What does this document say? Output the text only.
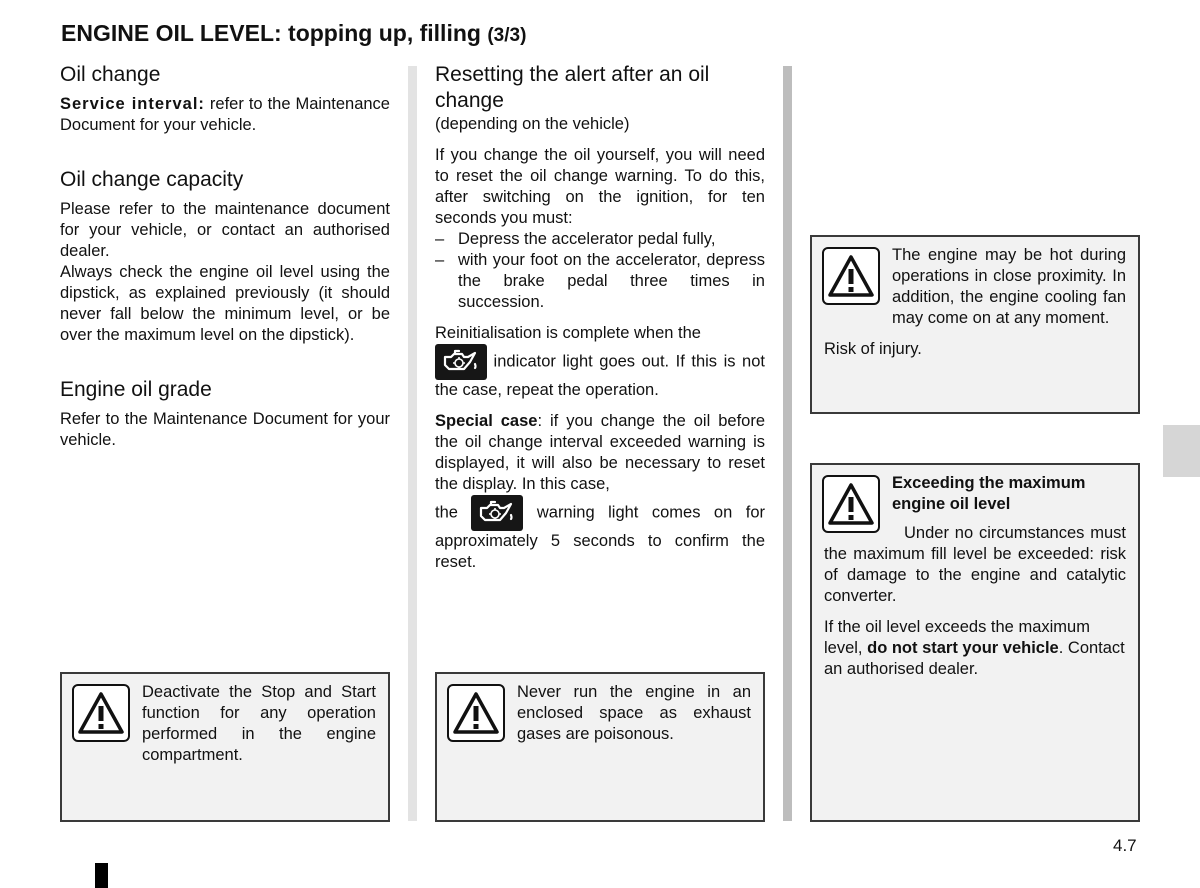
ENGINE OIL LEVEL: topping up, filling (3/3)
Oil change

Service interval: refer to the Maintenance Document for your vehicle.

Oil change capacity

Please refer to the maintenance document for your vehicle, or contact an authorised dealer.

Always check the engine oil level using the dipstick, as explained previously (it should never fall below the minimum level, or be over the maximum level on the dipstick).

Engine oil grade

Refer to the Maintenance Document for your vehicle.

Resetting the alert after an oil change

(depending on the vehicle)

If you change the oil yourself, you will need to reset the oil change warning. To do this, after switching on the ignition, for ten seconds you must:

– Depress the accelerator pedal fully,
– with your foot on the accelerator, depress the brake pedal three times in succession.

Reinitialisation is complete when the

indicator light goes out. If this is not the case, repeat the operation.

Special case: if you change the oil before the oil change interval exceeded warning is displayed, it will also be necessary to reset the display. In this case,
the	warning light comes on for approximately 5 seconds to confirm the reset.

Deactivate the Stop and Start function for any operation performed in the engine compartment.

Never run the engine in an enclosed space as exhaust gases are poisonous.

The engine may be hot during operations in close proximity. In addition, the engine cooling fan may come on at any moment.

Risk of injury.

Exceeding the maximum engine oil level

Under no circumstances must the maximum fill level be exceeded: risk of damage to the engine and catalytic converter.

If the oil level exceeds the maximum level, do not start your vehicle. Contact an authorised dealer.

4.7
